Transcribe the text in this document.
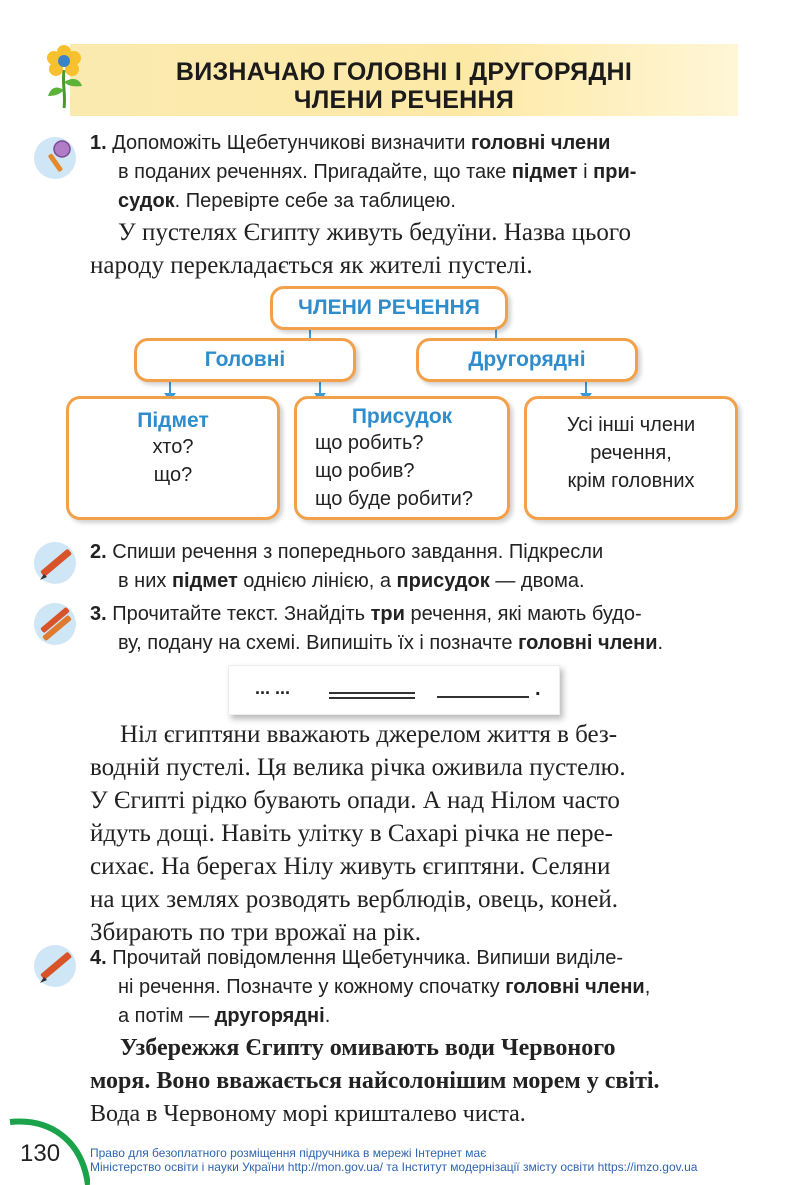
ВИЗНАЧАЮ ГОЛОВНІ І ДРУГОРЯДНІ
ЧЛЕНИ РЕЧЕННЯ
1. Допоможіть Щебетунчикові визначити головні члени
в поданих реченнях. Пригадайте, що таке підмет і при-
судок. Перевірте себе за таблицею.
У пустелях Єгипту живуть бедуїни. Назва цього
народу перекладається як жителі пустелі.
ЧЛЕНИ РЕЧЕННЯ
Головні	Другорядні
Підмет
хто?
що?
Присудок
що робить?
що робив?
що буде робити?
Усі інші члени
речення,
крім головних
2. Спиши речення з попереднього завдання. Підкресли
в них підмет однією лінією, а присудок — двома.
3. Прочитайте текст. Знайдіть три речення, які мають будо-
ву, подану на схемі. Випишіть їх і позначте головні члени.
... ...	.
Ніл єгиптяни вважають джерелом життя в без-
водній пустелі. Ця велика річка оживила пустелю.
У Єгипті рідко бувають опади. А над Нілом часто
йдуть дощі. Навіть улітку в Сахарі річка не пере-
сихає. На берегах Нілу живуть єгиптяни. Селяни
на цих землях розводять верблюдів, овець, коней.
Збирають по три врожаї на рік.
4. Прочитай повідомлення Щебетунчика. Випиши виділе-
ні речення. Позначте у кожному спочатку головні члени,
а потім — другорядні.
Узбережжя Єгипту омивають води Червоного
моря. Воно вважається найсолонішим морем у світі.
Вода в Червоному морі кришталево чиста.
130 Право для безоплатного розміщення підручника в мережі Інтернет має
Міністерство освіти і науки України http://mon.gov.ua/ та Інститут модернізації змісту освіти https://imzo.gov.ua
